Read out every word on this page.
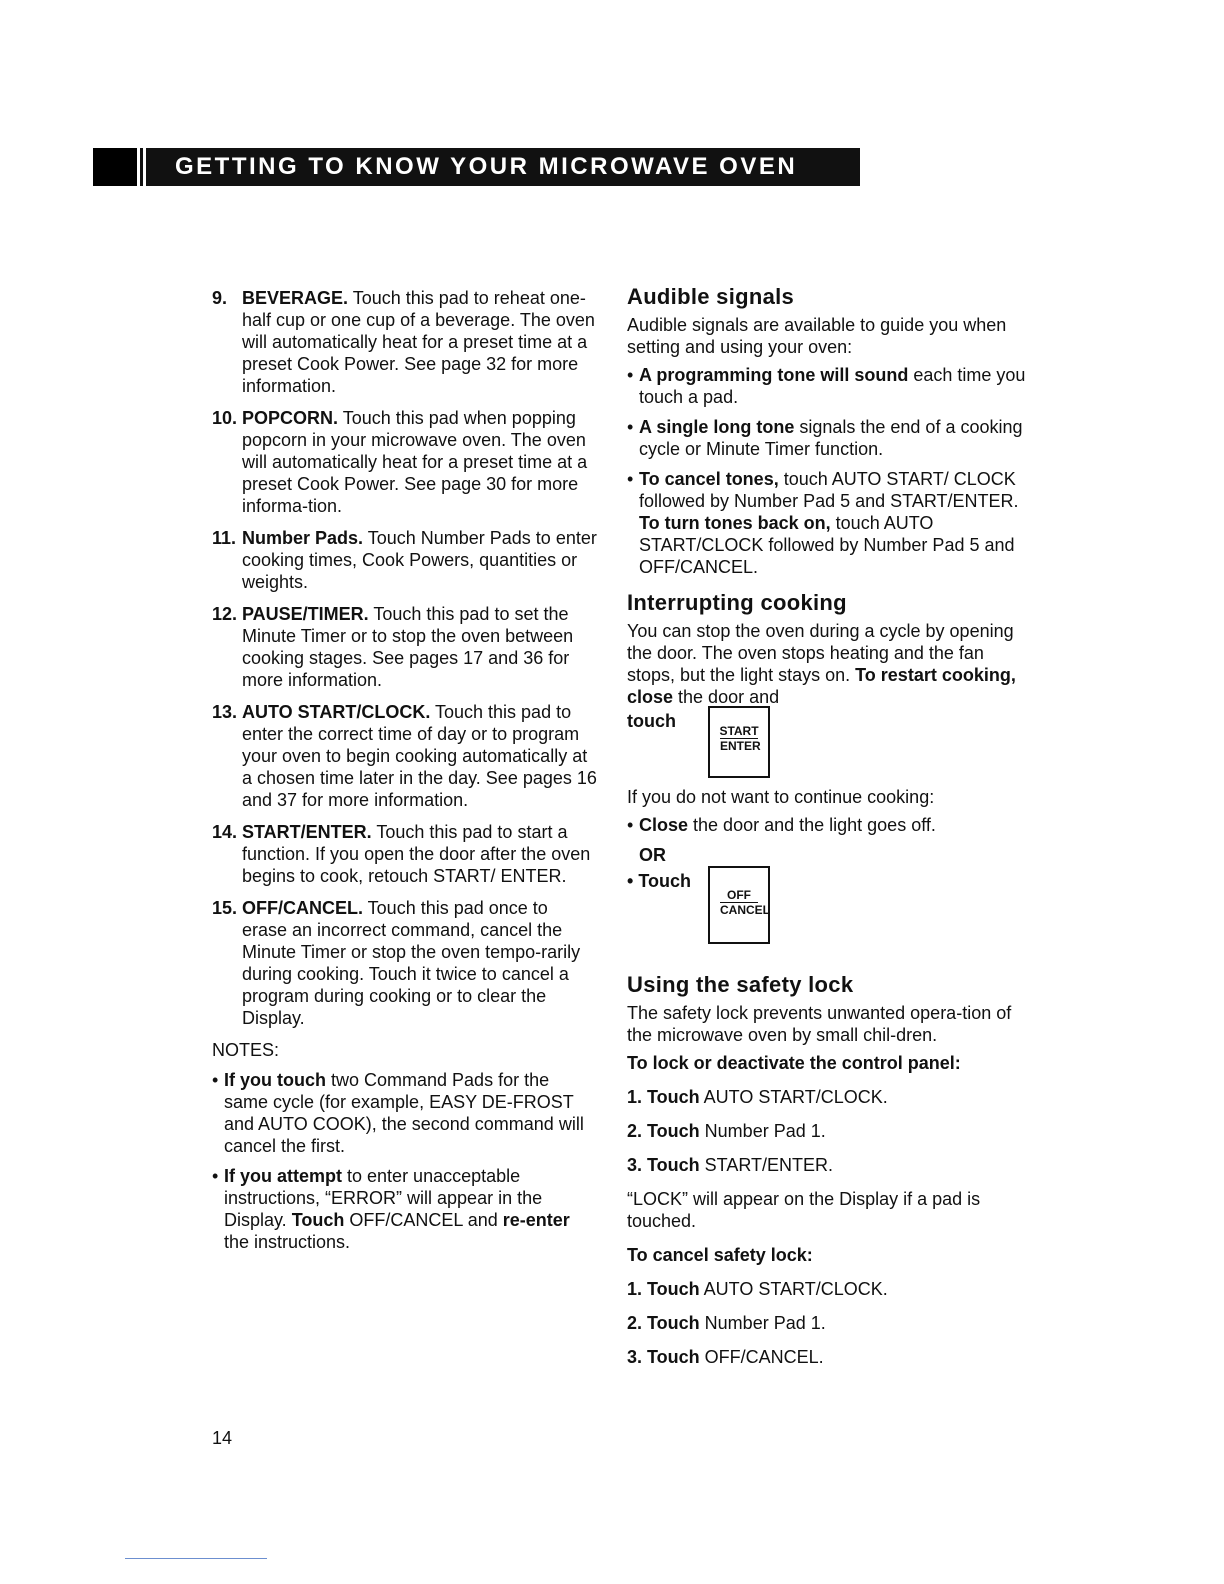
GETTING TO KNOW YOUR MICROWAVE OVEN
9. BEVERAGE. Touch this pad to reheat one-half cup or one cup of a beverage. The oven will automatically heat for a preset time at a preset Cook Power. See page 32 for more information.
10. POPCORN. Touch this pad when popping popcorn in your microwave oven. The oven will automatically heat for a preset time at a preset Cook Power. See page 30 for more informa-tion.
11. Number Pads. Touch Number Pads to enter cooking times, Cook Powers, quantities or weights.
12. PAUSE/TIMER. Touch this pad to set the Minute Timer or to stop the oven between cooking stages. See pages 17 and 36 for more information.
13. AUTO START/CLOCK. Touch this pad to enter the correct time of day or to program your oven to begin cooking automatically at a chosen time later in the day. See pages 16 and 37 for more information.
14. START/ENTER. Touch this pad to start a function. If you open the door after the oven begins to cook, retouch START/ ENTER.
15. OFF/CANCEL. Touch this pad once to erase an incorrect command, cancel the Minute Timer or stop the oven tempo-rarily during cooking. Touch it twice to cancel a program during cooking or to clear the Display.
NOTES:
• If you touch two Command Pads for the same cycle (for example, EASY DE-FROST and AUTO COOK), the second command will cancel the first.
• If you attempt to enter unacceptable instructions, “ERROR” will appear in the Display. Touch OFF/CANCEL and re-enter the instructions.
Audible signals
Audible signals are available to guide you when setting and using your oven:
• A programming tone will sound each time you touch a pad.
• A single long tone signals the end of a cooking cycle or Minute Timer function.
• To cancel tones, touch AUTO START/ CLOCK followed by Number Pad 5 and START/ENTER. To turn tones back on, touch AUTO START/CLOCK followed by Number Pad 5 and OFF/CANCEL.
Interrupting cooking
You can stop the oven during a cycle by opening the door. The oven stops heating and the fan stops, but the light stays on. To restart cooking, close the door and
touch	START
ENTER
If you do not want to continue cooking:
• Close the door and the light goes off.
OR
• Touch
OFF
CANCEL
Using the safety lock
The safety lock prevents unwanted opera-tion of the microwave oven by small chil-dren.
To lock or deactivate the control panel:
1. Touch AUTO START/CLOCK.
2. Touch Number Pad 1.
3. Touch START/ENTER.
“LOCK” will appear on the Display if a pad is touched.
To cancel safety lock:
1. Touch AUTO START/CLOCK.
2. Touch Number Pad 1.
3. Touch OFF/CANCEL.
14
